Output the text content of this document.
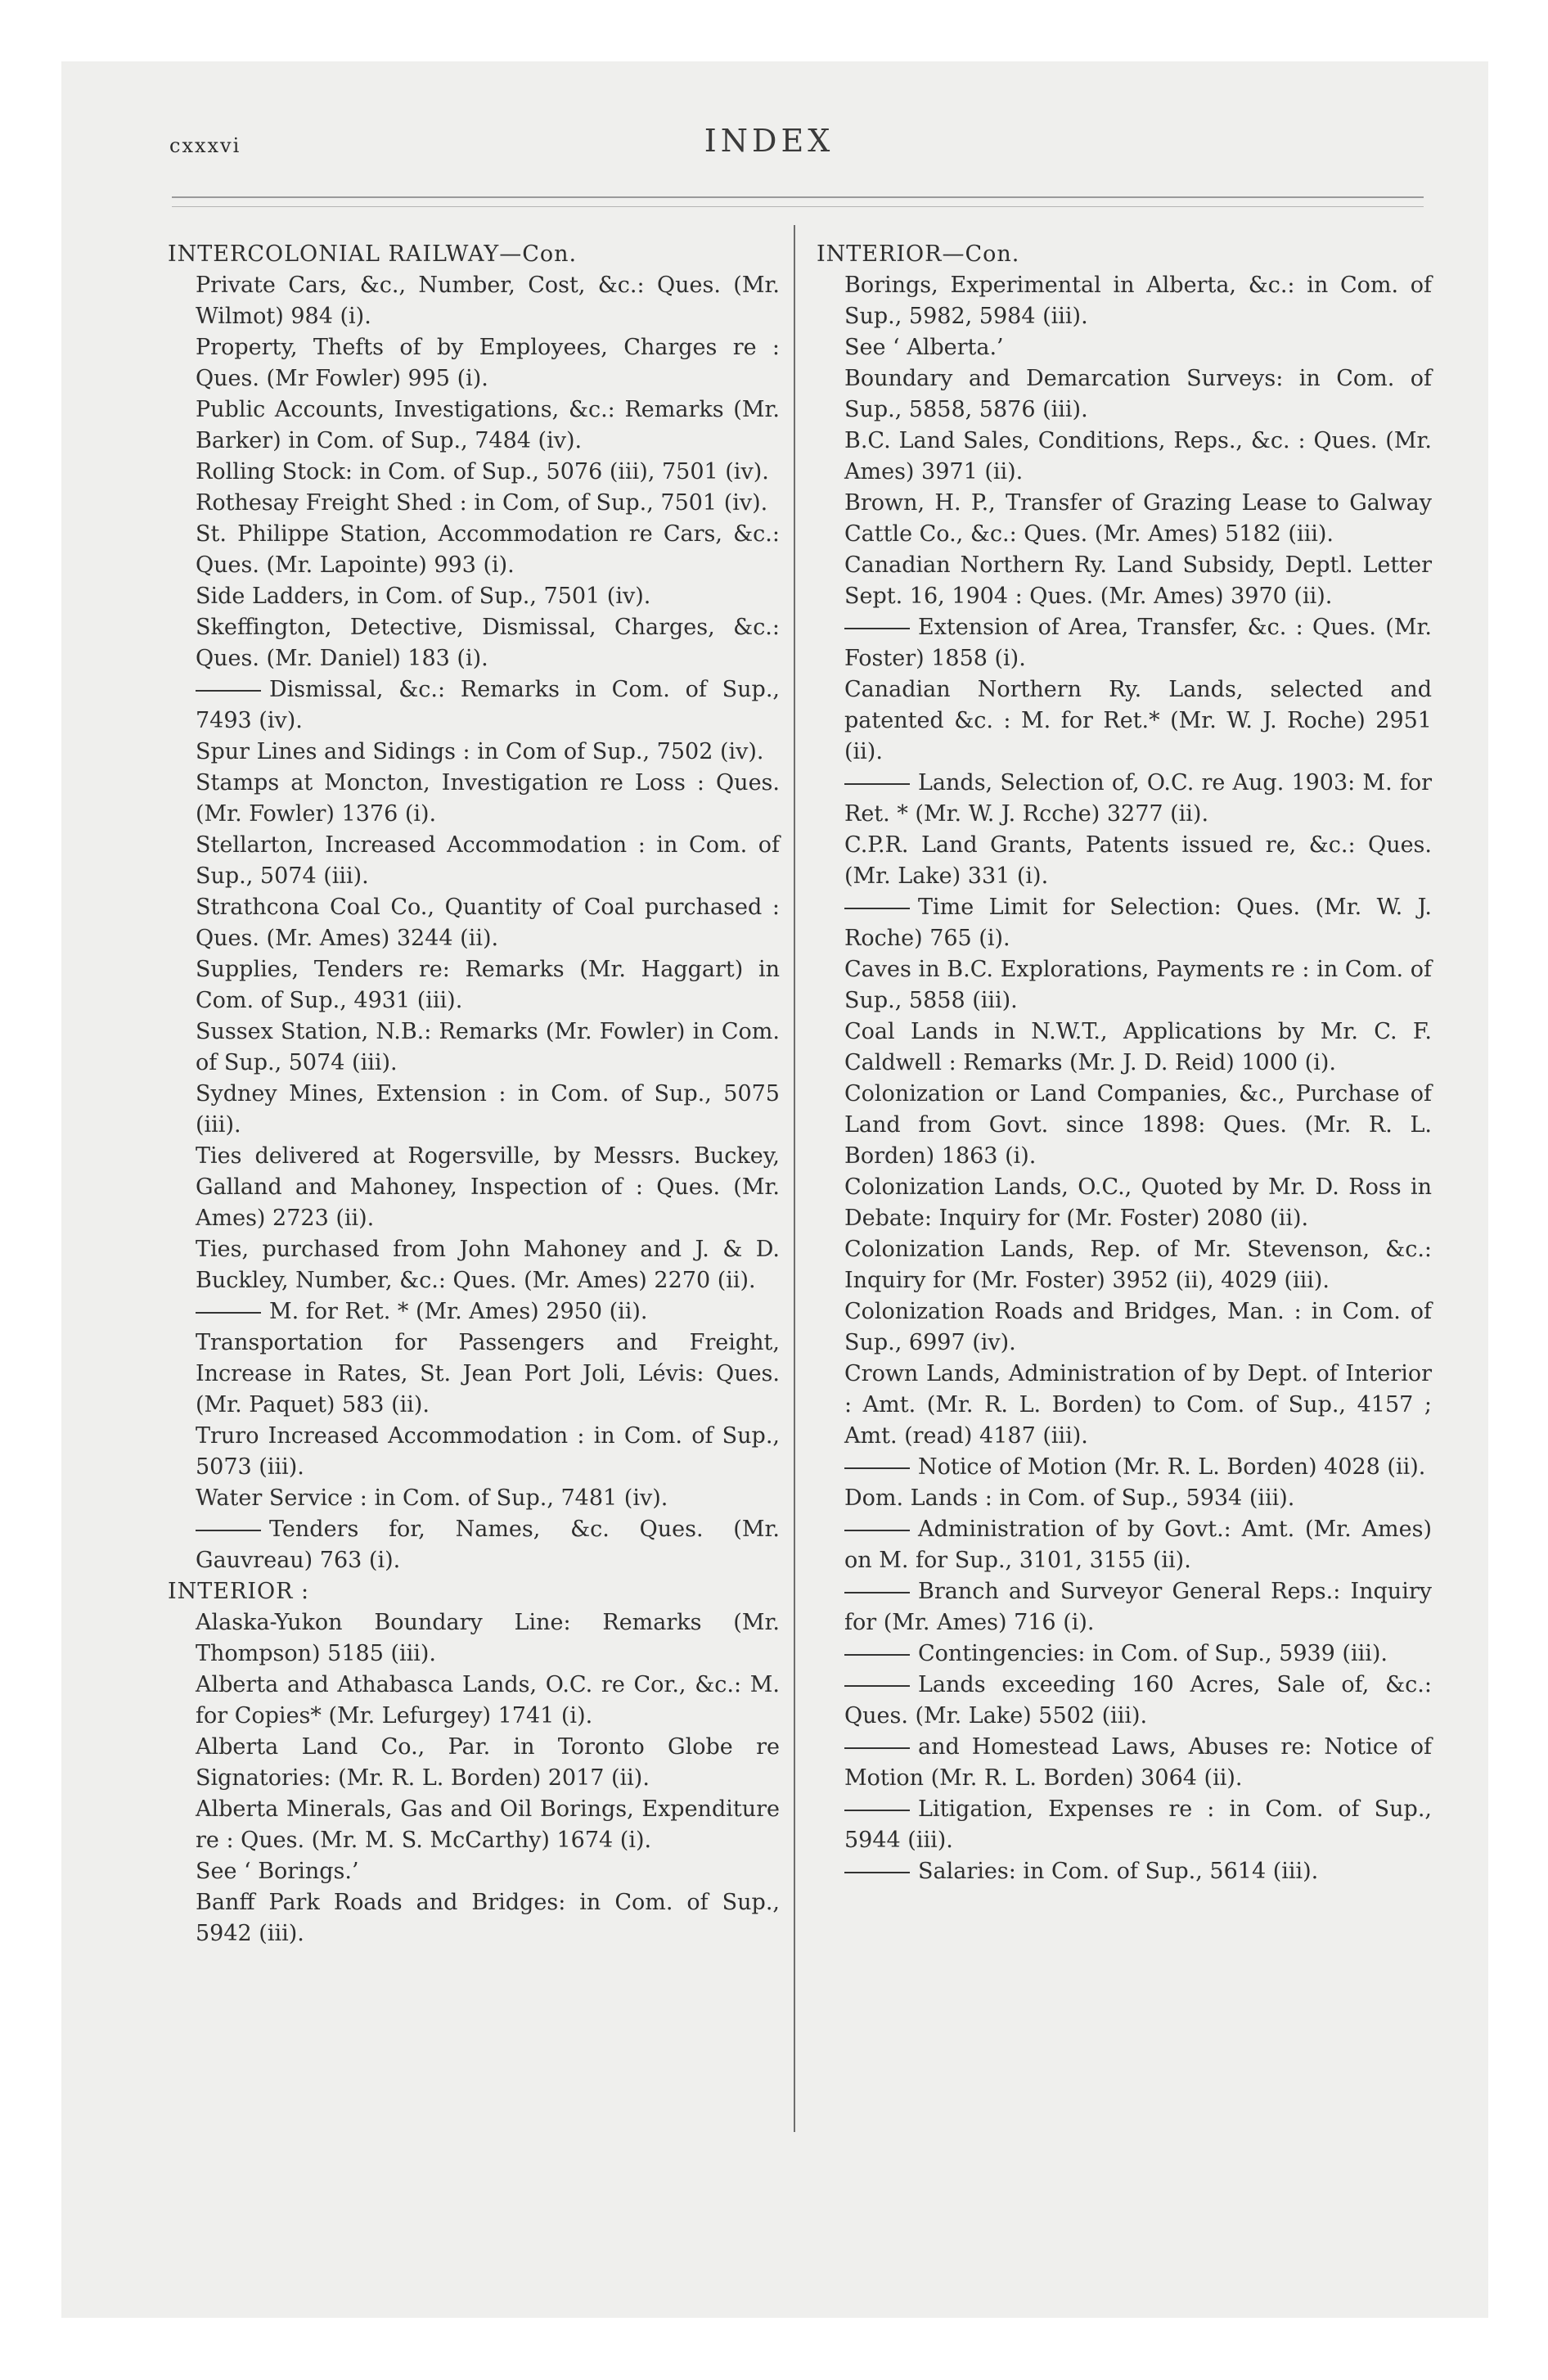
cxxxvi	INDEX

INTERCOLONIAL RAILWAY—Con.

Private Cars, &c., Number, Cost, &c.: Ques. (Mr. Wilmot) 984 (i).

Property, Thefts of by Employees, Charges re : Ques. (Mr Fowler) 995 (i).

Public Accounts, Investigations, &c.: Remarks (Mr. Barker) in Com. of Sup., 7484 (iv).

Rolling Stock: in Com. of Sup., 5076 (iii), 7501 (iv).

Rothesay Freight Shed : in Com, of Sup., 7501 (iv).

St. Philippe Station, Accommodation re Cars, &c.: Ques. (Mr. Lapointe) 993 (i).

Side Ladders, in Com. of Sup., 7501 (iv).

Skeffington, Detective, Dismissal, Charges, &c.: Ques. (Mr. Daniel) 183 (i).

Dismissal, &c.: Remarks in Com. of Sup., 7493 (iv).

Spur Lines and Sidings : in Com of Sup., 7502 (iv).

Stamps at Moncton, Investigation re Loss : Ques. (Mr. Fowler) 1376 (i).

Stellarton, Increased Accommodation : in Com. of Sup., 5074 (iii).

Strathcona Coal Co., Quantity of Coal purchased : Ques. (Mr. Ames) 3244 (ii).

Supplies, Tenders re: Remarks (Mr. Haggart) in Com. of Sup., 4931 (iii).

Sussex Station, N.B.: Remarks (Mr. Fowler) in Com. of Sup., 5074 (iii).

Sydney Mines, Extension : in Com. of Sup., 5075 (iii).

Ties delivered at Rogersville, by Messrs. Buckey, Galland and Mahoney, Inspection of : Ques. (Mr. Ames) 2723 (ii).

Ties, purchased from John Mahoney and J. & D. Buckley, Number, &c.: Ques. (Mr. Ames) 2270 (ii).

M. for Ret. * (Mr. Ames) 2950 (ii).

Transportation for Passengers and Freight, Increase in Rates, St. Jean Port Joli, Lévis: Ques. (Mr. Paquet) 583 (ii).

Truro Increased Accommodation : in Com. of Sup., 5073 (iii).

Water Service : in Com. of Sup., 7481 (iv).

Tenders for, Names, &c. Ques. (Mr. Gauvreau) 763 (i).

INTERIOR :

Alaska-Yukon Boundary Line: Remarks (Mr. Thompson) 5185 (iii).

Alberta and Athabasca Lands, O.C. re Cor., &c.: M. for Copies* (Mr. Lefurgey) 1741 (i).

Alberta Land Co., Par. in Toronto Globe re Signatories: (Mr. R. L. Borden) 2017 (ii).

Alberta Minerals, Gas and Oil Borings, Expenditure re : Ques. (Mr. M. S. McCarthy) 1674 (i).

See ‘ Borings.’

Banff Park Roads and Bridges: in Com. of Sup., 5942 (iii).

INTERIOR—Con.

Borings, Experimental in Alberta, &c.: in Com. of Sup., 5982, 5984 (iii).

See ‘ Alberta.’

Boundary and Demarcation Surveys: in Com. of Sup., 5858, 5876 (iii).

B.C. Land Sales, Conditions, Reps., &c. : Ques. (Mr. Ames) 3971 (ii).

Brown, H. P., Transfer of Grazing Lease to Galway Cattle Co., &c.: Ques. (Mr. Ames) 5182 (iii).

Canadian Northern Ry. Land Subsidy, Deptl. Letter Sept. 16, 1904 : Ques. (Mr. Ames) 3970 (ii).

Extension of Area, Transfer, &c. : Ques. (Mr. Foster) 1858 (i).

Canadian Northern Ry. Lands, selected and patented &c. : M. for Ret.* (Mr. W. J. Roche) 2951 (ii).

Lands, Selection of, O.C. re Aug. 1903: M. for Ret. * (Mr. W. J. Rcche) 3277 (ii).

C.P.R. Land Grants, Patents issued re, &c.: Ques. (Mr. Lake) 331 (i).

Time Limit for Selection: Ques. (Mr. W. J. Roche) 765 (i).

Caves in B.C. Explorations, Payments re : in Com. of Sup., 5858 (iii).

Coal Lands in N.W.T., Applications by Mr. C. F. Caldwell : Remarks (Mr. J. D. Reid) 1000 (i).

Colonization or Land Companies, &c., Purchase of Land from Govt. since 1898: Ques. (Mr. R. L. Borden) 1863 (i).

Colonization Lands, O.C., Quoted by Mr. D. Ross in Debate: Inquiry for (Mr. Foster) 2080 (ii).

Colonization Lands, Rep. of Mr. Stevenson, &c.: Inquiry for (Mr. Foster) 3952 (ii), 4029 (iii).

Colonization Roads and Bridges, Man. : in Com. of Sup., 6997 (iv).

Crown Lands, Administration of by Dept. of Interior : Amt. (Mr. R. L. Borden) to Com. of Sup., 4157 ; Amt. (read) 4187 (iii).

Notice of Motion (Mr. R. L. Borden) 4028 (ii).

Dom. Lands : in Com. of Sup., 5934 (iii).

Administration of by Govt.: Amt. (Mr. Ames) on M. for Sup., 3101, 3155 (ii).

Branch and Surveyor General Reps.: Inquiry for (Mr. Ames) 716 (i).

Contingencies: in Com. of Sup., 5939 (iii).

Lands exceeding 160 Acres, Sale of, &c.: Ques. (Mr. Lake) 5502 (iii).

and Homestead Laws, Abuses re: Notice of Motion (Mr. R. L. Borden) 3064 (ii).

Litigation, Expenses re : in Com. of Sup., 5944 (iii).

Salaries: in Com. of Sup., 5614 (iii).
